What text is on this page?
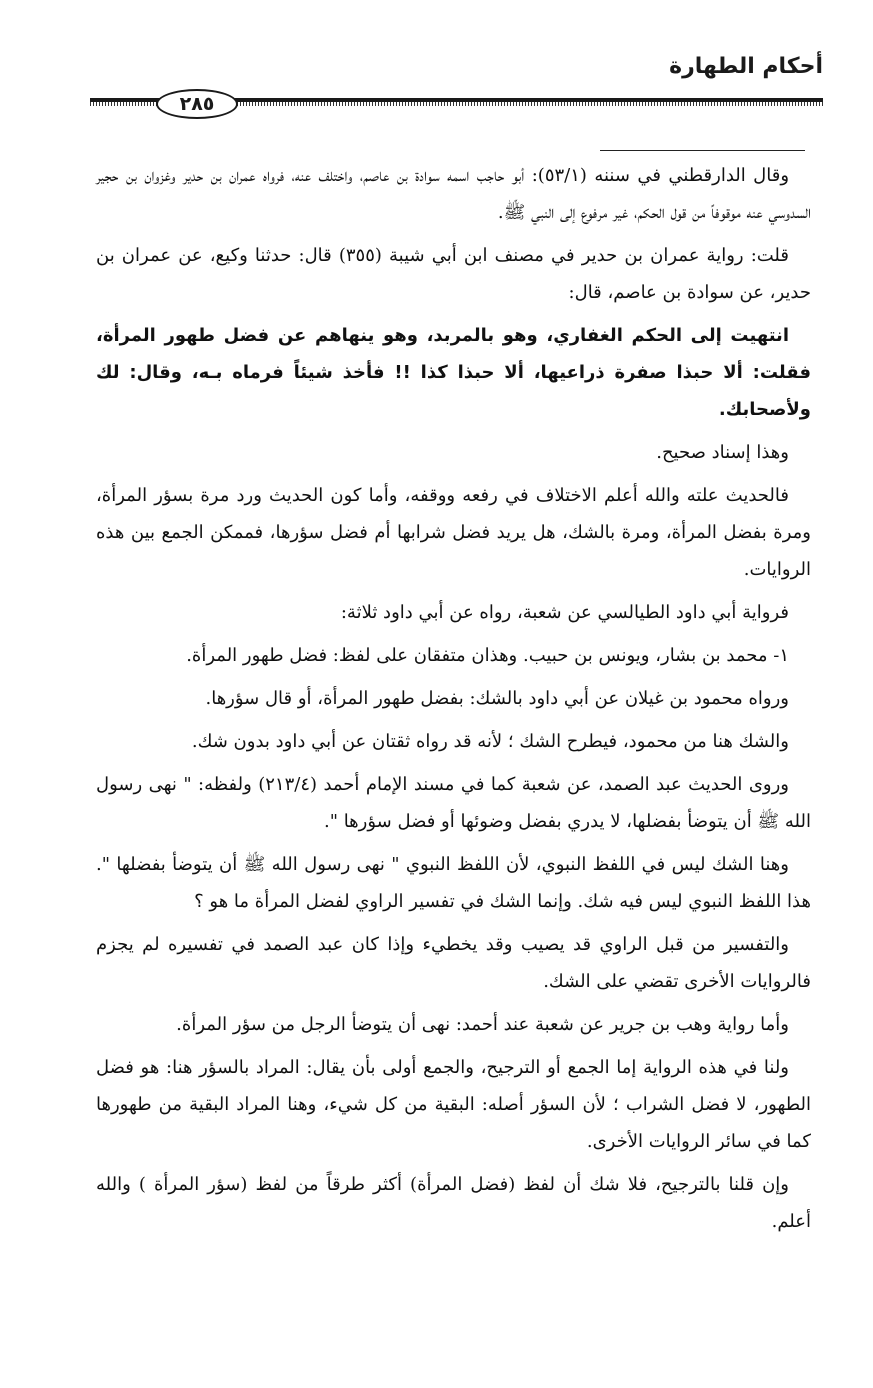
أحكام الطهارة
٢٨٥

وقال الدارقطني في سننه (٥٣/١): أبو حاجب اسمه سوادة بن عاصم، واختلف عنه، فرواه عمران بن حدير وغزوان بن حجير السدوسي عنه موقوفاً من قول الحكم، غير مرفوع إلى النبي ﷺ.

قلت: رواية عمران بن حدير في مصنف ابن أبي شيبة (٣٥٥) قال: حدثنا وكيع، عن عمران بن حدير، عن سوادة بن عاصم، قال:

انتهيت إلى الحكم الغفاري، وهو بالمربد، وهو ينهاهم عن فضل طهور المرأة، فقلت: ألا حبذا صفرة ذراعيها، ألا حبذا كذا !! فأخذ شيئاً فرماه بـه، وقال: لك ولأصحابك.

وهذا إسناد صحيح.

فالحديث علته والله أعلم الاختلاف في رفعه ووقفه، وأما كون الحديث ورد مرة بسؤر المرأة، ومرة بفضل المرأة، ومرة بالشك، هل يريد فضل شرابها أم فضل سؤرها، فممكن الجمع بين هذه الروايات.

فرواية أبي داود الطيالسي عن شعبة، رواه عن أبي داود ثلاثة:

١- محمد بن بشار، ويونس بن حبيب. وهذان متفقان على لفظ: فضل طهور المرأة.

ورواه محمود بن غيلان عن أبي داود بالشك: بفضل طهور المرأة، أو قال سؤرها.

والشك هنا من محمود، فيطرح الشك ؛ لأنه قد رواه ثقتان عن أبي داود بدون شك.

وروى الحديث عبد الصمد، عن شعبة كما في مسند الإمام أحمد (٢١٣/٤) ولفظه: " نهى رسول الله ﷺ أن يتوضأ بفضلها، لا يدري بفضل وضوئها أو فضل سؤرها ".

وهنا الشك ليس في اللفظ النبوي، لأن اللفظ النبوي " نهى رسول الله ﷺ أن يتوضأ بفضلها ". هذا اللفظ النبوي ليس فيه شك. وإنما الشك في تفسير الراوي لفضل المرأة ما هو ؟

والتفسير من قبل الراوي قد يصيب وقد يخطيء وإذا كان عبد الصمد في تفسيره لم يجزم فالروايات الأخرى تقضي على الشك.

وأما رواية وهب بن جرير عن شعبة عند أحمد: نهى أن يتوضأ الرجل من سؤر المرأة.

ولنا في هذه الرواية إما الجمع أو الترجيح، والجمع أولى بأن يقال: المراد بالسؤر هنا: هو فضل الطهور، لا فضل الشراب ؛ لأن السؤر أصله: البقية من كل شيء، وهنا المراد البقية من طهورها كما في سائر الروايات الأخرى.

وإن قلنا بالترجيح، فلا شك أن لفظ (فضل المرأة) أكثر طرقاً من لفظ (سؤر المرأة ) والله أعلم.
